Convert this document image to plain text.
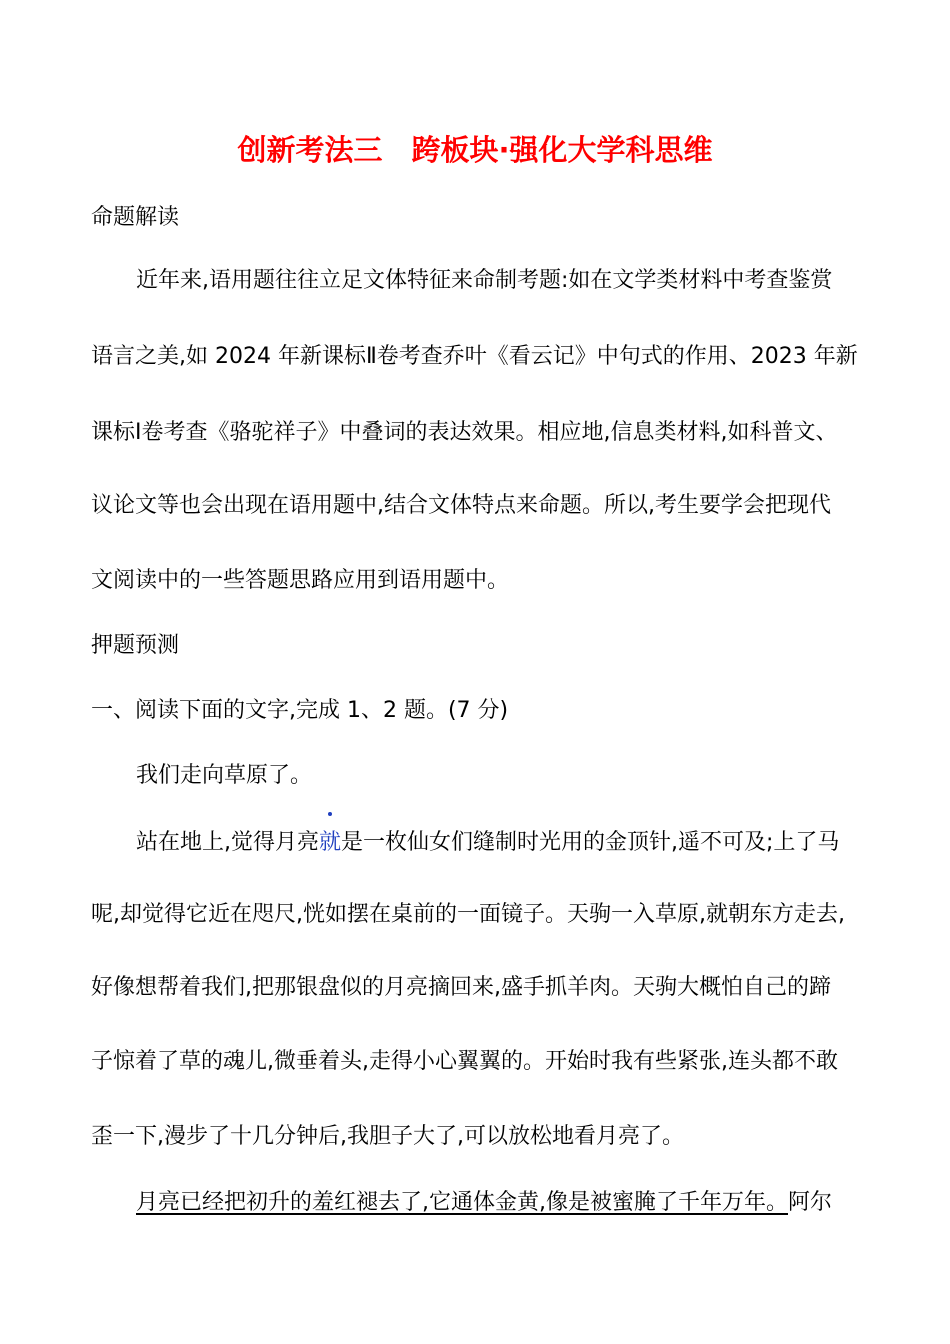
创新考法三　跨板块·强化大学科思维
命题解读
近年来,语用题往往立足文体特征来命制考题:如在文学类材料中考查鉴赏
语言之美,如 2024 年新课标Ⅱ卷考查乔叶《看云记》中句式的作用、2023 年新
课标Ⅰ卷考查《骆驼祥子》中叠词的表达效果。相应地,信息类材料,如科普文、
议论文等也会出现在语用题中,结合文体特点来命题。所以,考生要学会把现代
文阅读中的一些答题思路应用到语用题中。
押题预测
一、阅读下面的文字,完成 1、2 题。(7 分)
我们走向草原了。
站在地上,觉得月亮就是一枚仙女们缝制时光用的金顶针,遥不可及;上了马
呢,却觉得它近在咫尺,恍如摆在桌前的一面镜子。天驹一入草原,就朝东方走去,
好像想帮着我们,把那银盘似的月亮摘回来,盛手抓羊肉。天驹大概怕自己的蹄
子惊着了草的魂儿,微垂着头,走得小心翼翼的。开始时我有些紧张,连头都不敢
歪一下,漫步了十几分钟后,我胆子大了,可以放松地看月亮了。
月亮已经把初升的羞红褪去了,它通体金黄,像是被蜜腌了千年万年。阿尔
